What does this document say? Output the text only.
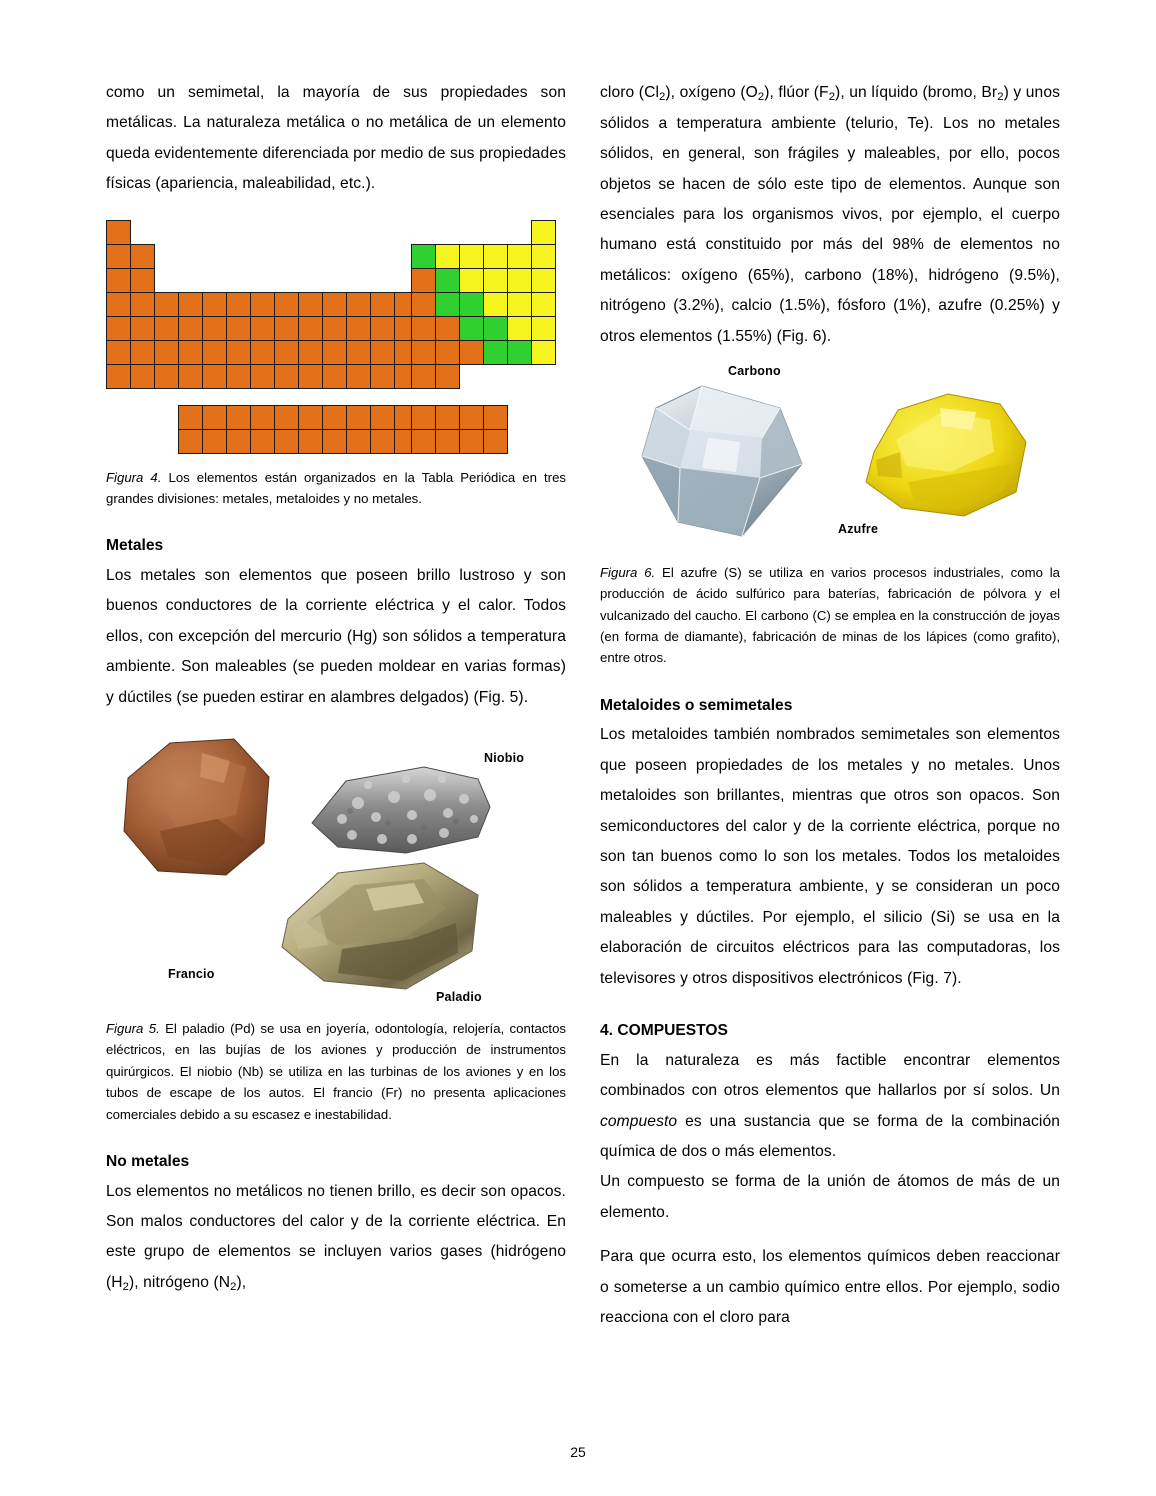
como un semimetal, la mayoría de sus propiedades son metálicas. La naturaleza metálica o no metálica de un elemento queda evidentemente diferenciada por medio de sus propiedades físicas (apariencia, maleabilidad, etc.).

Figura 4. Los elementos están organizados en la Tabla Periódica en tres grandes divisiones: metales, metaloides y no metales.

Metales

Los metales son elementos que poseen brillo lustroso y son buenos conductores de la corriente eléctrica y el calor. Todos ellos, con excepción del mercurio (Hg) son sólidos a temperatura ambiente. Son maleables (se pueden moldear en varias formas) y dúctiles (se pueden estirar en alambres delgados) (Fig. 5).

Francio
Niobio
Paladio

Figura 5. El paladio (Pd) se usa en joyería, odontología, relojería, contactos eléctricos, en las bujías de los aviones y producción de instrumentos quirúrgicos. El niobio (Nb) se utiliza en las turbinas de los aviones y en los tubos de escape de los autos. El francio (Fr) no presenta aplicaciones comerciales debido a su escasez e inestabilidad.

No metales

Los elementos no metálicos no tienen brillo, es decir son opacos. Son malos conductores del calor y de la corriente eléctrica. En este grupo de elementos se incluyen varios gases (hidrógeno $(H_2)$, nitrógeno $(N_2)$,

cloro $(Cl_2)$, oxígeno $(O_2)$, flúor $(F_2)$, un líquido (bromo, $Br_2$) y unos sólidos a temperatura ambiente (telurio, Te). Los no metales sólidos, en general, son frágiles y maleables, por ello, pocos objetos se hacen de sólo este tipo de elementos. Aunque son esenciales para los organismos vivos, por ejemplo, el cuerpo humano está constituido por más del 98% de elementos no metálicos: oxígeno (65%), carbono (18%), hidrógeno (9.5%), nitrógeno (3.2%), calcio (1.5%), fósforo (1%), azufre (0.25%) y otros elementos (1.55%) (Fig. 6).

Carbono
Azufre

Figura 6. El azufre (S) se utiliza en varios procesos industriales, como la producción de ácido sulfúrico para baterías, fabricación de pólvora y el vulcanizado del caucho. El carbono (C) se emplea en la construcción de joyas (en forma de diamante), fabricación de minas de los lápices (como grafito), entre otros.

Metaloides o semimetales

Los metaloides también nombrados semimetales son elementos que poseen propiedades de los metales y no metales. Unos metaloides son brillantes, mientras que otros son opacos. Son semiconductores del calor y de la corriente eléctrica, porque no son tan buenos como lo son los metales. Todos los metaloides son sólidos a temperatura ambiente, y se consideran un poco maleables y dúctiles. Por ejemplo, el silicio (Si) se usa en la elaboración de circuitos eléctricos para las computadoras, los televisores y otros dispositivos electrónicos (Fig. 7).

4. COMPUESTOS

En la naturaleza es más factible encontrar elementos combinados con otros elementos que hallarlos por sí solos. Un compuesto es una sustancia que se forma de la combinación química de dos o más elementos.

Un compuesto se forma de la unión de átomos de más de un elemento.

Para que ocurra esto, los elementos químicos deben reaccionar o someterse a un cambio químico entre ellos. Por ejemplo, sodio reacciona con el cloro para

25
